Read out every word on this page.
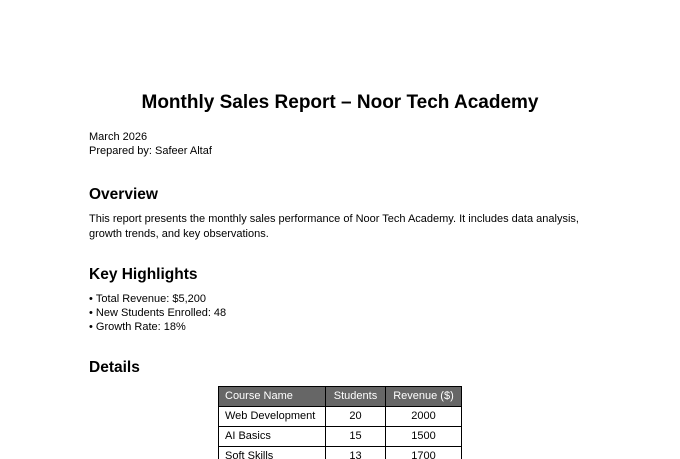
Monthly Sales Report – Noor Tech Academy
March 2026
Prepared by: Safeer Altaf
Overview

This report presents the monthly sales performance of Noor Tech Academy. It includes data analysis, growth trends, and key observations.

Key Highlights
• Total Revenue: $5,200
• New Students Enrolled: 48
• Growth Rate: 18%
Details
Course Name	Students	Revenue ($)
Web Development	20	2000
AI Basics	15	1500
Soft Skills	13	1700
